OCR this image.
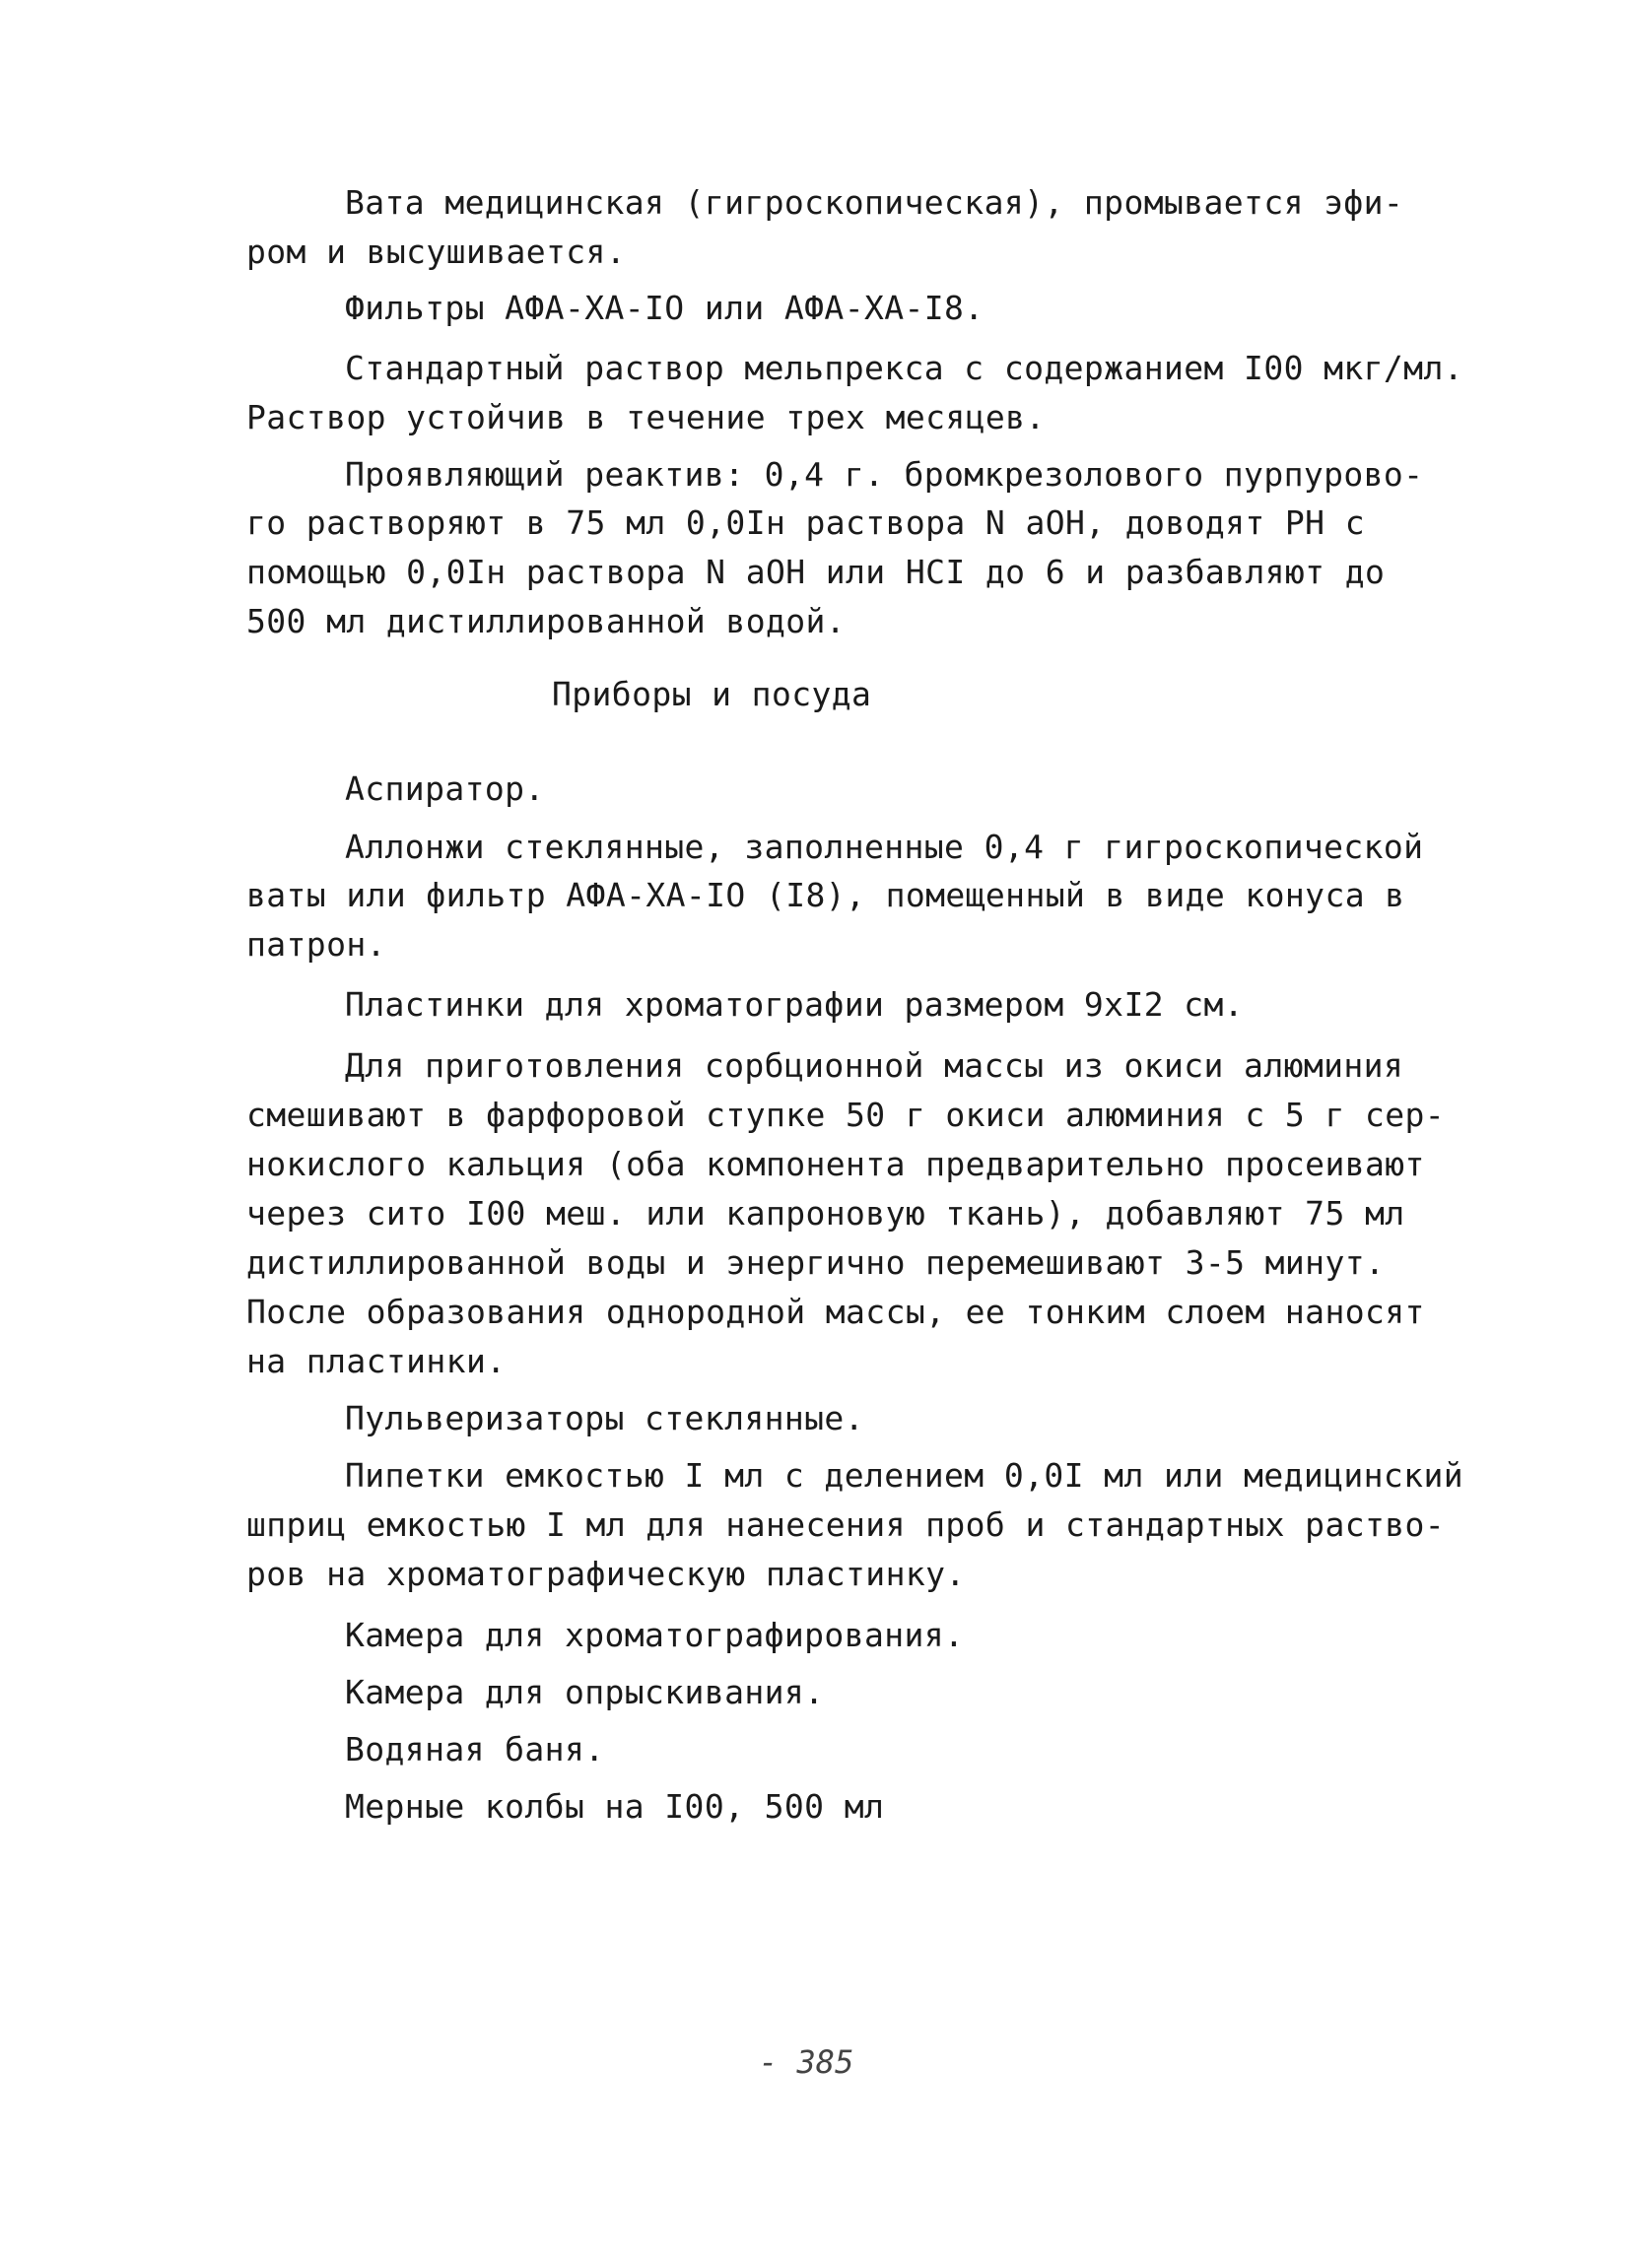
Вата медицинская (гигроскопическая), промывается эфи-
ром и высушивается.
Фильтры АФА-ХА-IO или АФА-ХА-I8.
Стандартный раствор мельпрекса с содержанием I00 мкг/мл.
Раствор устойчив в течение трех месяцев.
Проявляющий реактив: 0,4 г. бромкрезолового пурпурово-
го растворяют в 75 мл 0,0Iн раствора N аОН, доводят РН с
помощью 0,0Iн раствора N аОН или НСI до 6 и разбавляют до
500 мл дистиллированной водой.
Приборы и посуда
Аспиратор.
Аллонжи стеклянные, заполненные 0,4 г гигроскопической
ваты или фильтр АФА-ХА-IO (I8), помещенный в виде конуса в
патрон.
Пластинки для хроматографии размером 9xI2 см.
Для приготовления сорбционной массы из окиси алюминия
смешивают в фарфоровой ступке 50 г окиси алюминия с 5 г сер-
нокислого кальция (оба компонента предварительно просеивают
через сито I00 меш. или капроновую ткань), добавляют 75 мл
дистиллированной воды и энергично перемешивают 3-5 минут.
После образования однородной массы, ее тонким слоем наносят
на пластинки.
Пульверизаторы стеклянные.
Пипетки емкостью I мл с делением 0,0I мл или медицинский
шприц емкостью I мл для нанесения проб и стандартных раство-
ров на хроматографическую пластинку.
Камера для хроматографирования.
Камера для опрыскивания.
Водяная баня.
Мерные колбы на I00, 500 мл
- 385
